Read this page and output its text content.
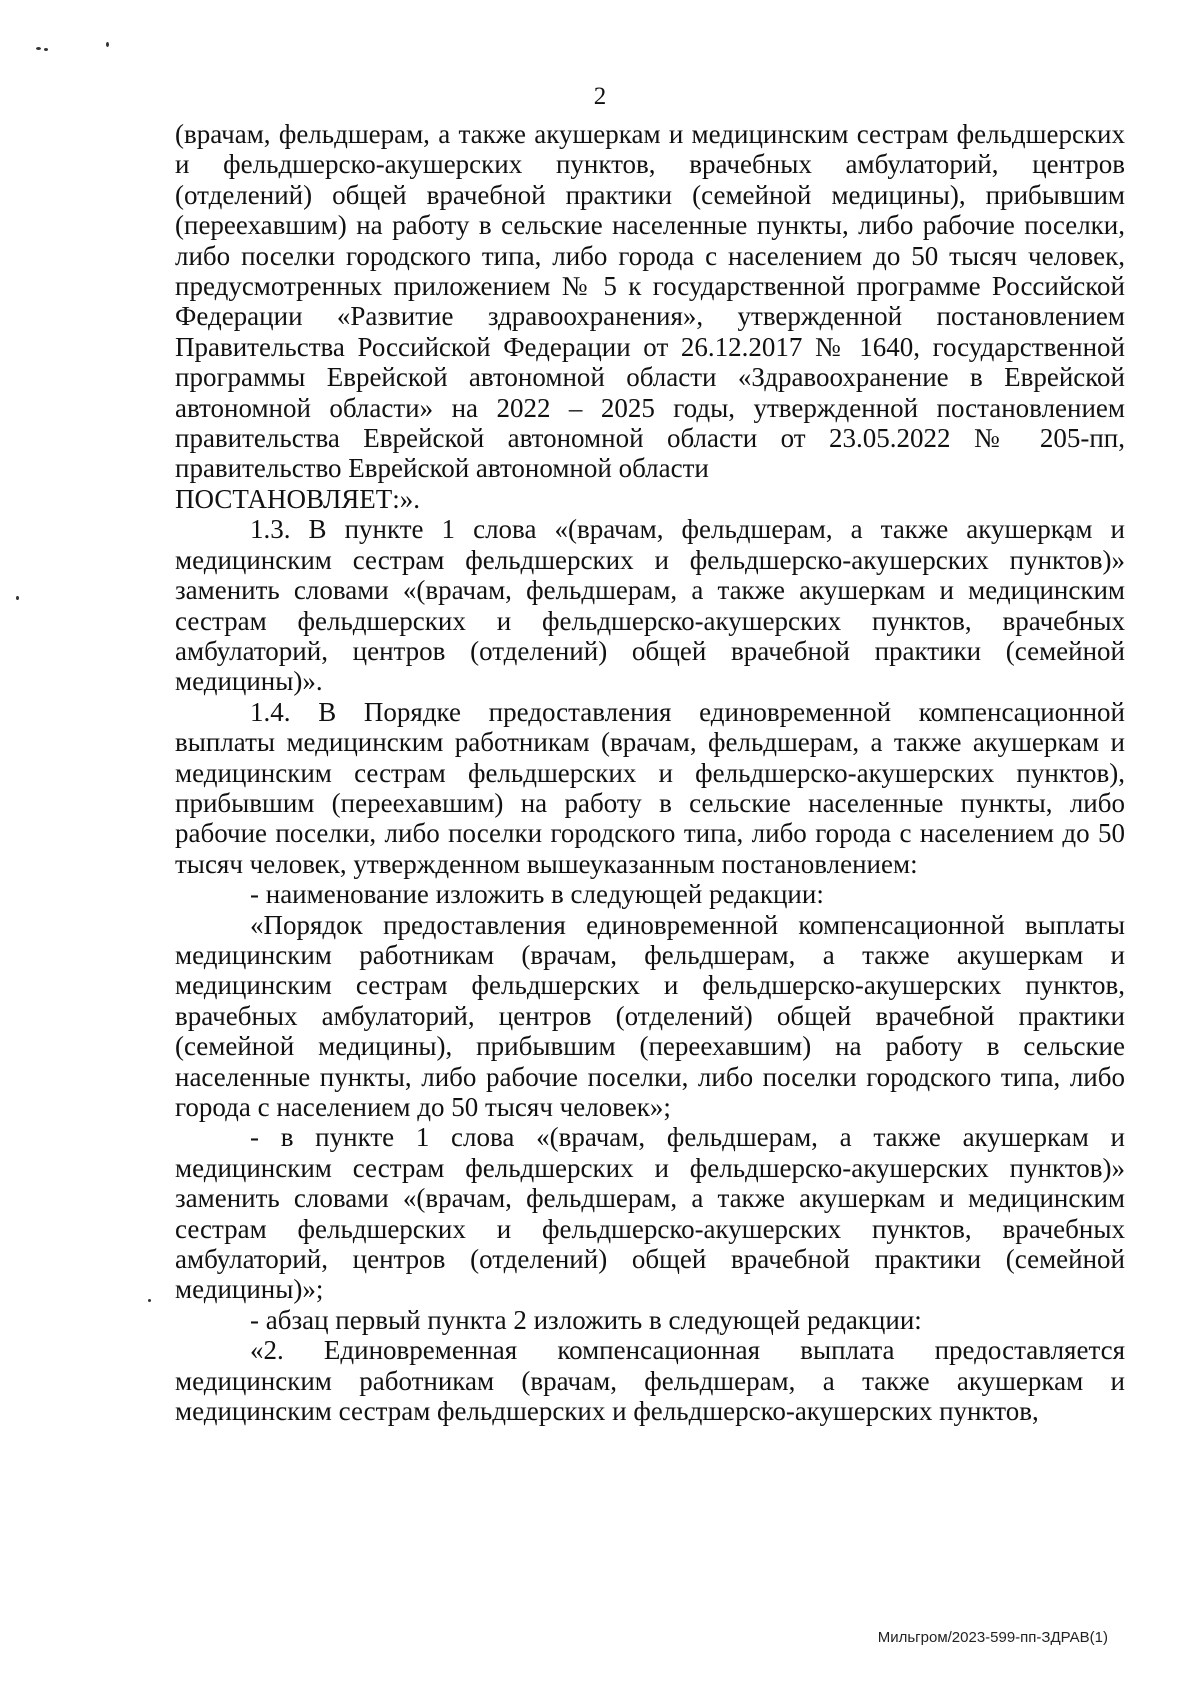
2

(врачам, фельдшерам, а также акушеркам и медицинским сестрам фельдшерских и фельдшерско-акушерских пунктов, врачебных амбулаторий, центров (отделений) общей врачебной практики (семейной медицины), прибывшим (переехавшим) на работу в сельские населенные пункты, либо рабочие поселки, либо поселки городского типа, либо города с населением до 50 тысяч человек, предусмотренных приложением № 5 к государственной программе Российской Федерации «Развитие здравоохранения», утвержденной постановлением Правительства Российской Федерации от 26.12.2017 № 1640, государственной программы Еврейской автономной области «Здравоохранение в Еврейской автономной области» на 2022 – 2025 годы, утвержденной постановлением правительства Еврейской автономной области от 23.05.2022 № 205-пп, правительство Еврейской автономной области

ПОСТАНОВЛЯЕТ:».

1.3. В пункте 1 слова «(врачам, фельдшерам, а также акушеркам и медицинским сестрам фельдшерских и фельдшерско-акушерских пунктов)» заменить словами «(врачам, фельдшерам, а также акушеркам и медицинским сестрам фельдшерских и фельдшерско-акушерских пунктов, врачебных амбулаторий, центров (отделений) общей врачебной практики (семейной медицины)».

1.4. В Порядке предоставления единовременной компенсационной выплаты медицинским работникам (врачам, фельдшерам, а также акушеркам и медицинским сестрам фельдшерских и фельдшерско-акушерских пунктов), прибывшим (переехавшим) на работу в сельские населенные пункты, либо рабочие поселки, либо поселки городского типа, либо города с населением до 50 тысяч человек, утвержденном вышеуказанным постановлением:

- наименование изложить в следующей редакции:

«Порядок предоставления единовременной компенсационной выплаты медицинским работникам (врачам, фельдшерам, а также акушеркам и медицинским сестрам фельдшерских и фельдшерско-акушерских пунктов, врачебных амбулаторий, центров (отделений) общей врачебной практики (семейной медицины), прибывшим (переехавшим) на работу в сельские населенные пункты, либо рабочие поселки, либо поселки городского типа, либо города с населением до 50 тысяч человек»;

- в пункте 1 слова «(врачам, фельдшерам, а также акушеркам и медицинским сестрам фельдшерских и фельдшерско-акушерских пунктов)» заменить словами «(врачам, фельдшерам, а также акушеркам и медицинским сестрам фельдшерских и фельдшерско-акушерских пунктов, врачебных амбулаторий, центров (отделений) общей врачебной практики (семейной медицины)»;

- абзац первый пункта 2 изложить в следующей редакции:

«2. Единовременная компенсационная выплата предоставляется медицинским работникам (врачам, фельдшерам, а также акушеркам и медицинским сестрам фельдшерских и фельдшерско-акушерских пунктов,

Мильгром/2023-599-пп-ЗДРАВ(1)
